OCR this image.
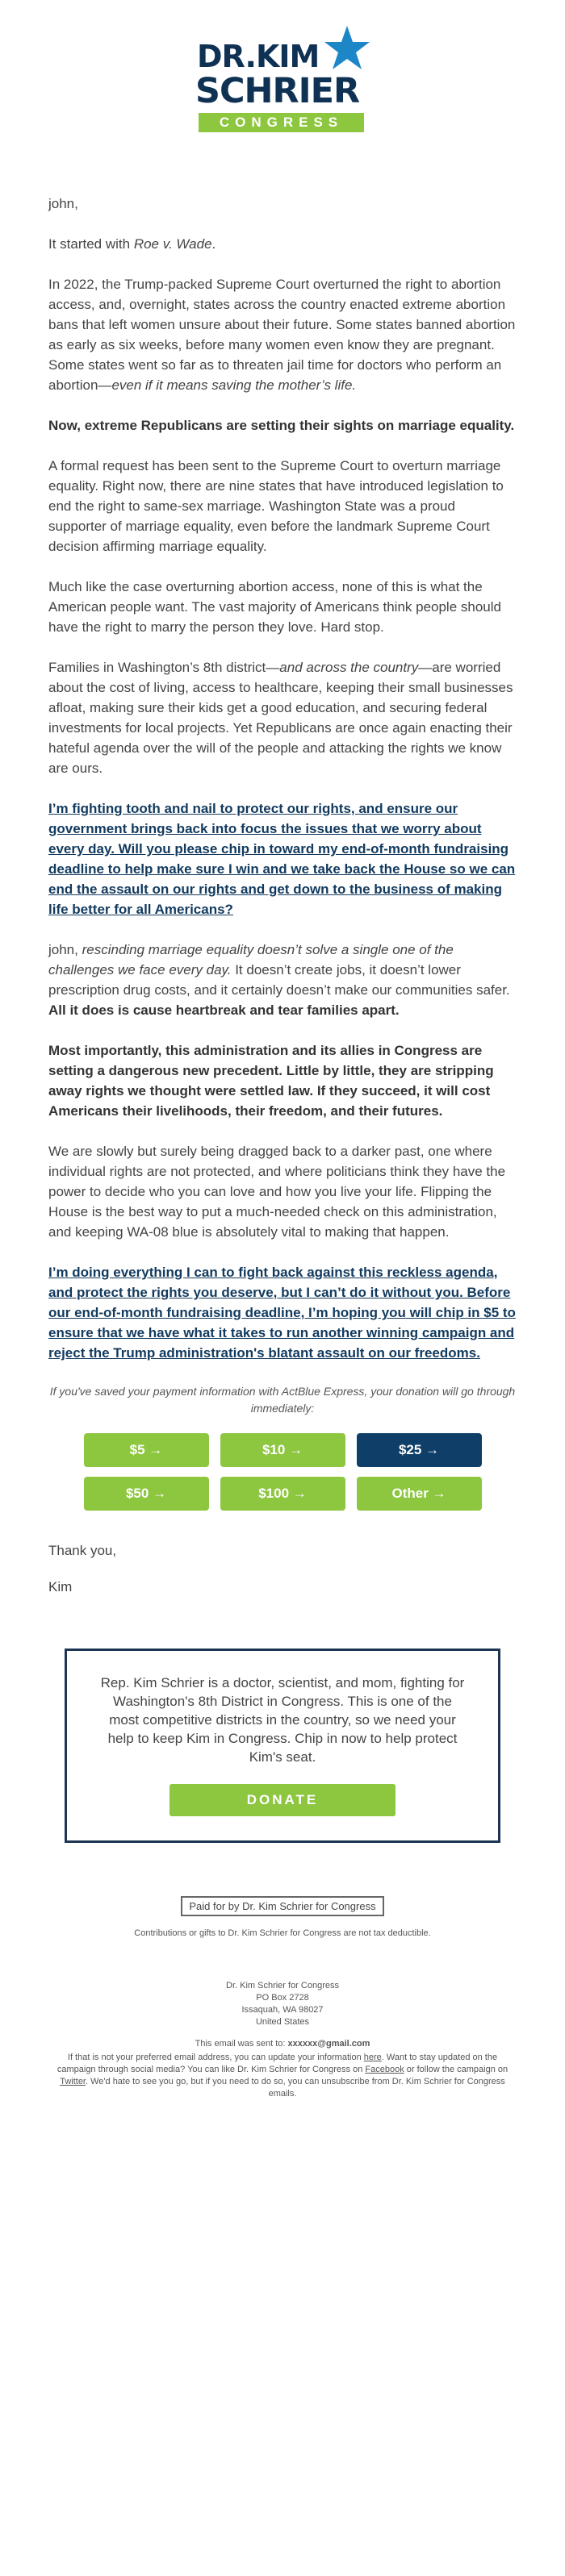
DR.KIM
SCHRIER
CONGRESS

john,

It started with Roe v. Wade.

In 2022, the Trump-packed Supreme Court overturned the right to abortion access, and, overnight, states across the country enacted extreme abortion bans that left women unsure about their future. Some states banned abortion as early as six weeks, before many women even know they are pregnant. Some states went so far as to threaten jail time for doctors who perform an abortion—even if it means saving the mother’s life.

Now, extreme Republicans are setting their sights on marriage equality.

A formal request has been sent to the Supreme Court to overturn marriage equality. Right now, there are nine states that have introduced legislation to end the right to same-sex marriage. Washington State was a proud supporter of marriage equality, even before the landmark Supreme Court decision affirming marriage equality.

Much like the case overturning abortion access, none of this is what the American people want. The vast majority of Americans think people should have the right to marry the person they love. Hard stop.

Families in Washington’s 8th district—and across the country—are worried about the cost of living, access to healthcare, keeping their small businesses afloat, making sure their kids get a good education, and securing federal investments for local projects. Yet Republicans are once again enacting their hateful agenda over the will of the people and attacking the rights we know are ours.

I’m fighting tooth and nail to protect our rights, and ensure our government brings back into focus the issues that we worry about every day. Will you please chip in toward my end-of-month fundraising deadline to help make sure I win and we take back the House so we can end the assault on our rights and get down to the business of making life better for all Americans?

john, rescinding marriage equality doesn’t solve a single one of the challenges we face every day. It doesn’t create jobs, it doesn’t lower prescription drug costs, and it certainly doesn’t make our communities safer. All it does is cause heartbreak and tear families apart.

Most importantly, this administration and its allies in Congress are setting a dangerous new precedent. Little by little, they are stripping away rights we thought were settled law. If they succeed, it will cost Americans their livelihoods, their freedom, and their futures.

We are slowly but surely being dragged back to a darker past, one where individual rights are not protected, and where politicians think they have the power to decide who you can love and how you live your life. Flipping the House is the best way to put a much-needed check on this administration, and keeping WA-08 blue is absolutely vital to making that happen.

I’m doing everything I can to fight back against this reckless agenda, and protect the rights you deserve, but I can’t do it without you. Before our end-of-month fundraising deadline, I’m hoping you will chip in $5 to ensure that we have what it takes to run another winning campaign and reject the Trump administration's blatant assault on our freedoms.

If you've saved your payment information with ActBlue Express, your donation will go through immediately:
$5 →	$10 →	$25 →
$50 →	$100 →	Other →

Thank you,

Kim

Rep. Kim Schrier is a doctor, scientist, and mom, fighting for Washington's 8th District in Congress. This is one of the most competitive districts in the country, so we need your help to keep Kim in Congress. Chip in now to help protect Kim's seat.

DONATE
Paid for by Dr. Kim Schrier for Congress
Contributions or gifts to Dr. Kim Schrier for Congress are not tax deductible.
Dr. Kim Schrier for Congress
PO Box 2728
Issaquah, WA 98027
United States
This email was sent to: xxxxxx@gmail.com
If that is not your preferred email address, you can update your information here. Want to stay updated on the campaign through social media? You can like Dr. Kim Schrier for Congress on Facebook or follow the campaign on Twitter. We'd hate to see you go, but if you need to do so, you can unsubscribe from Dr. Kim Schrier for Congress emails.
